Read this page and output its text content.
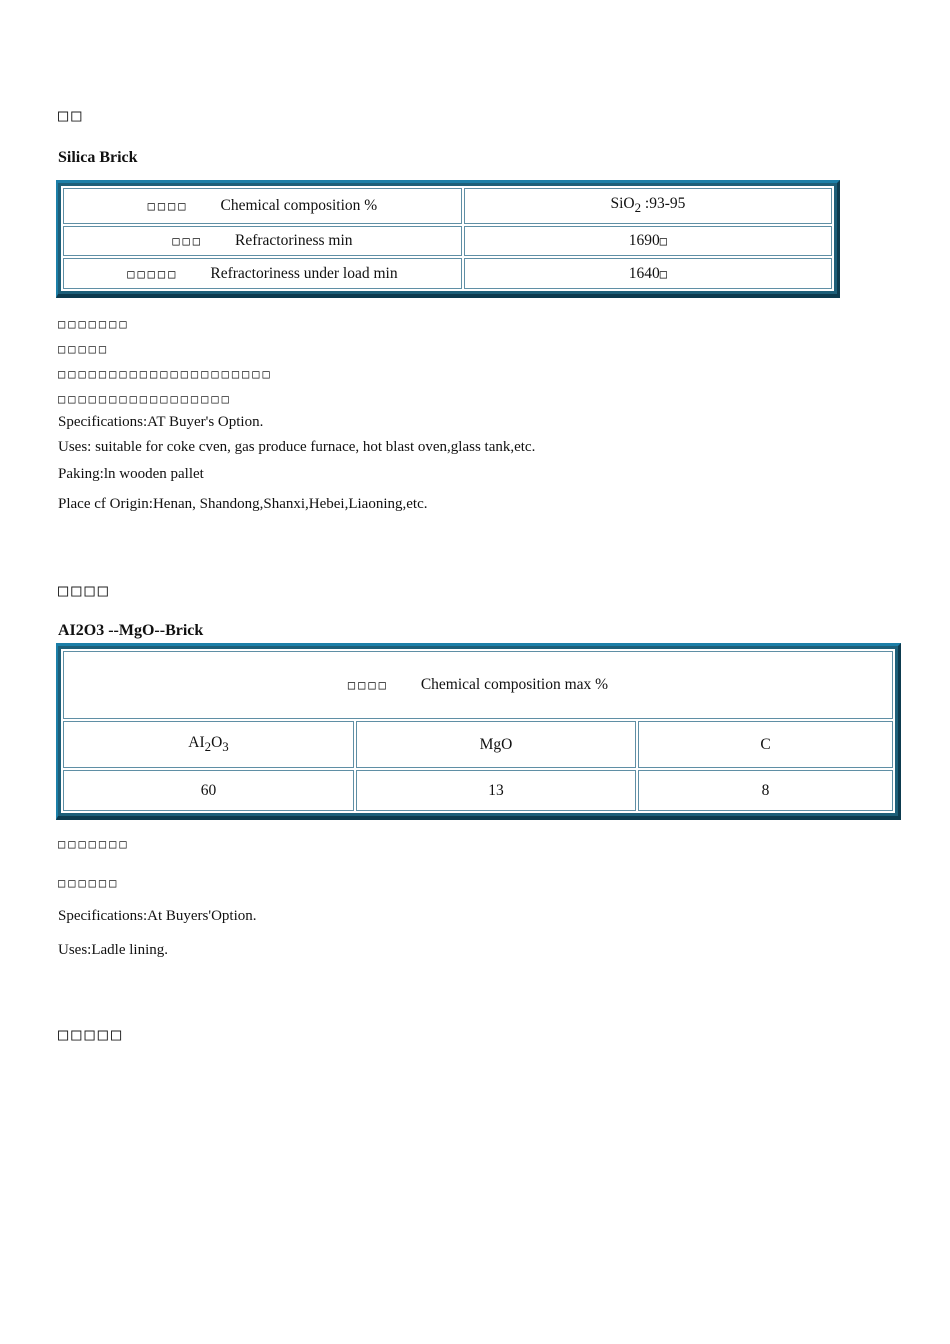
□□
Silica Brick
□□□□ Chemical composition %	SiO$_2$ :93-95
□□□ Refractoriness min	1690□
□□□□□ Refractoriness under load min	1640□
□□□□□□□
□□□□□
□□□□□□□□□□□□□□□□□□□□□
□□□□□□□□□□□□□□□□□
Specifications:AT Buyer's Option.
Uses: suitable for coke cven, gas produce furnace, hot blast oven,glass tank,etc.
Paking:ln wooden pallet
Place cf Origin:Henan, Shandong,Shanxi,Hebei,Liaoning,etc.
□□□□
AI2O3 --MgO--Brick
□□□□ Chemical composition max %		
$AI_2O_3$	MgO	C
60	13	8
□□□□□□□
□□□□□□
Specifications:At Buyers'Option.
Uses:Ladle lining.
□□□□□
